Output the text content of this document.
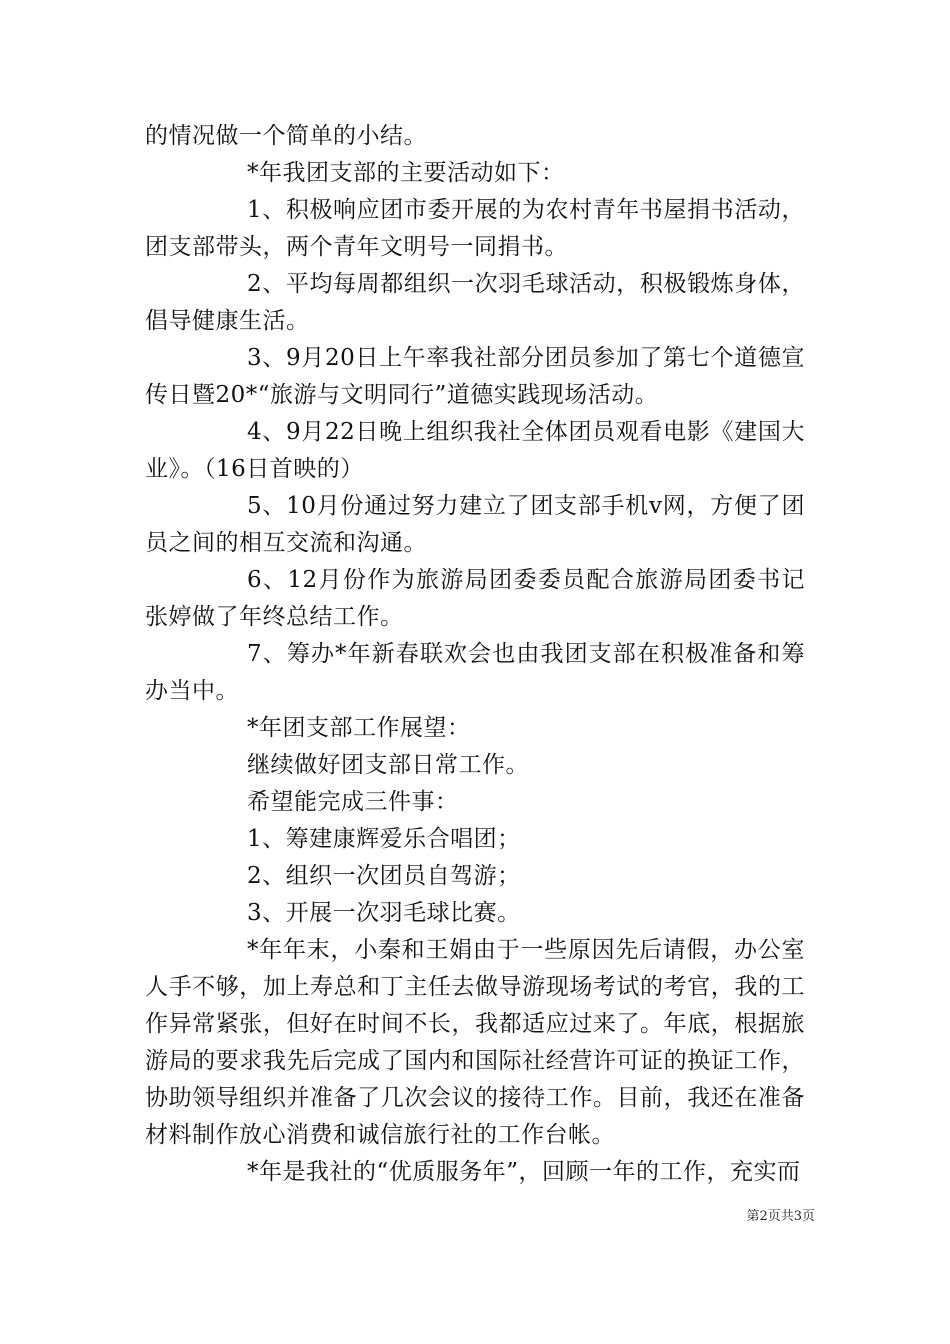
的情况做一个简单的小结。

*年我团支部的主要活动如下：

1、积极响应团市委开展的为农村青年书屋捐书活动，团支部带头，两个青年文明号一同捐书。

2、平均每周都组织一次羽毛球活动，积极锻炼身体，倡导健康生活。

3、9月20日上午率我社部分团员参加了第七个道德宣传日暨20*“旅游与文明同行”道德实践现场活动。

4、9月22日晚上组织我社全体团员观看电影《建国大业》。（16日首映的）

5、10月份通过努力建立了团支部手机v网，方便了团员之间的相互交流和沟通。

6、12月份作为旅游局团委委员配合旅游局团委书记张婷做了年终总结工作。

7、筹办*年新春联欢会也由我团支部在积极准备和筹办当中。

*年团支部工作展望：

继续做好团支部日常工作。

希望能完成三件事：

1、筹建康辉爱乐合唱团；

2、组织一次团员自驾游；

3、开展一次羽毛球比赛。

*年年末，小秦和王娟由于一些原因先后请假，办公室人手不够，加上寿总和丁主任去做导游现场考试的考官，我的工作异常紧张，但好在时间不长，我都适应过来了。年底，根据旅游局的要求我先后完成了国内和国际社经营许可证的换证工作，协助领导组织并准备了几次会议的接待工作。目前，我还在准备材料制作放心消费和诚信旅行社的工作台帐。

*年是我社的“优质服务年”，回顾一年的工作，充实而

第2页共3页
